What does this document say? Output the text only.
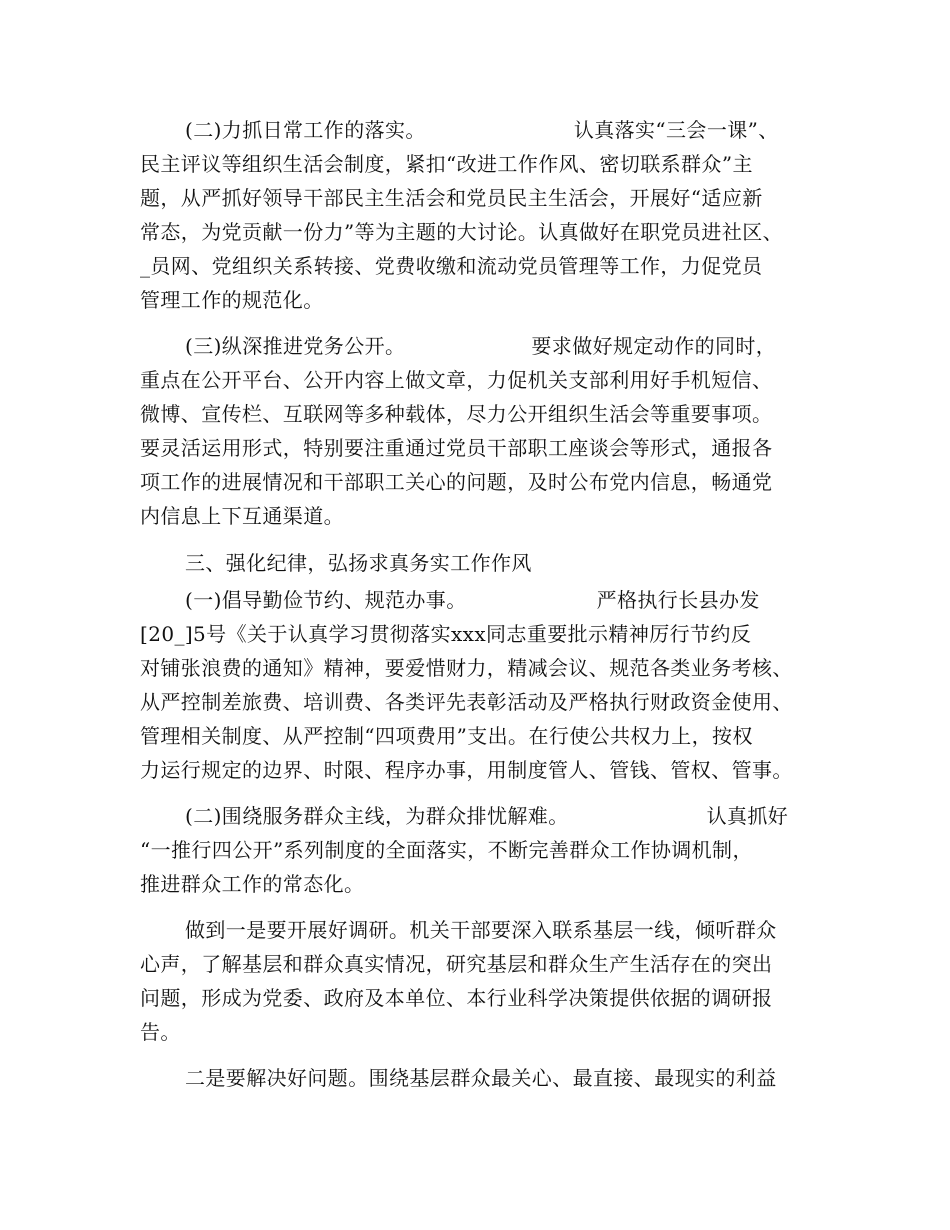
(二)力抓日常工作的落实。	认真落实“三会一课”、
民主评议等组织生活会制度，紧扣“改进工作作风、密切联系群众”主
题，从严抓好领导干部民主生活会和党员民主生活会，开展好“适应新
常态，为党贡献一份力”等为主题的大讨论。认真做好在职党员进社区、
_员网、党组织关系转接、党费收缴和流动党员管理等工作，力促党员
管理工作的规范化。
(三)纵深推进党务公开。	要求做好规定动作的同时，
重点在公开平台、公开内容上做文章，力促机关支部利用好手机短信、
微博、宣传栏、互联网等多种载体，尽力公开组织生活会等重要事项。
要灵活运用形式，特别要注重通过党员干部职工座谈会等形式，通报各
项工作的进展情况和干部职工关心的问题，及时公布党内信息，畅通党
内信息上下互通渠道。
三、强化纪律，弘扬求真务实工作作风
(一)倡导勤俭节约、规范办事。	严格执行长县办发
[20_]5号《关于认真学习贯彻落实xxx同志重要批示精神厉行节约反
对铺张浪费的通知》精神，要爱惜财力，精减会议、规范各类业务考核、
从严控制差旅费、培训费、各类评先表彰活动及严格执行财政资金使用、
管理相关制度、从严控制“四项费用”支出。在行使公共权力上，按权
力运行规定的边界、时限、程序办事，用制度管人、管钱、管权、管事。
(二)围绕服务群众主线，为群众排忧解难。	认真抓好
“一推行四公开”系列制度的全面落实，不断完善群众工作协调机制，
推进群众工作的常态化。
做到一是要开展好调研。机关干部要深入联系基层一线，倾听群众
心声，了解基层和群众真实情况，研究基层和群众生产生活存在的突出
问题，形成为党委、政府及本单位、本行业科学决策提供依据的调研报
告。
二是要解决好问题。围绕基层群众最关心、最直接、最现实的利益
